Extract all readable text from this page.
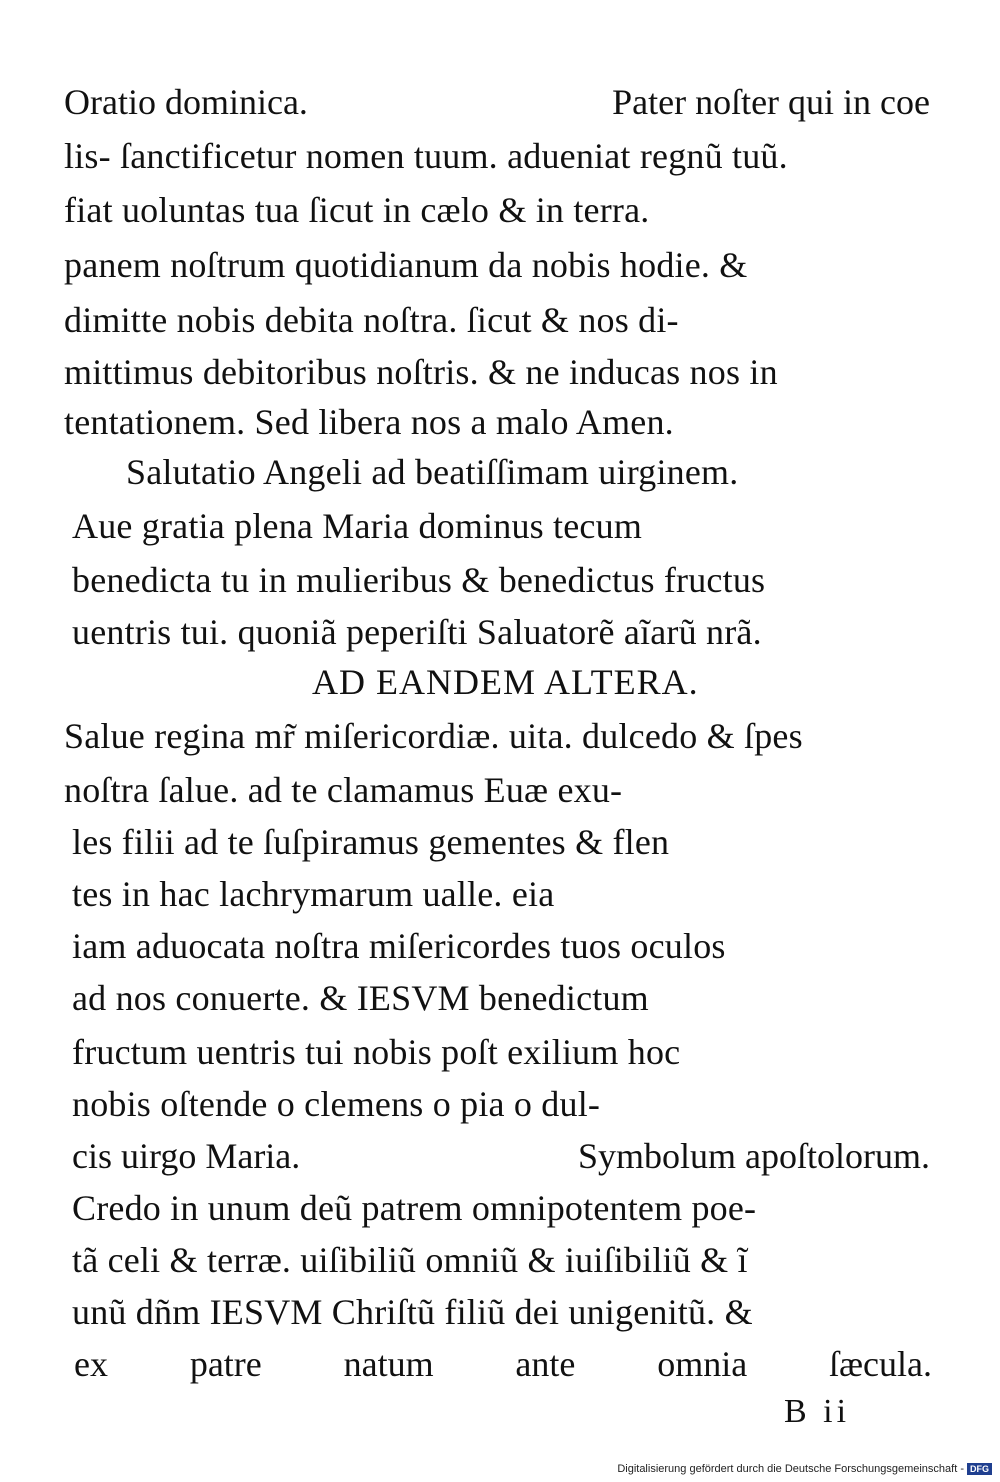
Oratio dominica.	Pater noſter qui in coe
lis- ſanctificetur nomen tuum. adueniat regnũ tuũ.
fiat uoluntas tua ſicut in cælo & in terra.
panem noſtrum quotidianum da nobis hodie. &
dimitte nobis debita noſtra. ſicut & nos di-
mittimus debitoribus noſtris. & ne inducas nos in
tentationem. Sed libera nos a malo Amen.
Salutatio Angeli ad beatiſſimam uirginem.
Aue gratia plena Maria dominus tecum
benedicta tu in mulieribus & benedictus fructus
uentris tui. quoniã peperiſti Saluatorẽ aĩarũ nrã.
AD EANDEM ALTERA.
Salue regina mr̃ miſericordiæ. uita. dulcedo & ſpes
noſtra ſalue. ad te clamamus Euæ exu-
les filii ad te ſuſpiramus gementes & flen
tes in hac lachrymarum ualle. eia
iam aduocata noſtra miſericordes tuos oculos
ad nos conuerte. & IESVM benedictum
fructum uentris tui nobis poſt exilium hoc
nobis oſtende o clemens o pia o dul-
cis uirgo Maria.	Symbolum apoſtolorum.
Credo in unum deũ patrem omnipotentem poe-
tã celi & terræ. uiſibiliũ omniũ & iuiſibiliũ & ĩ
unũ dñm IESVM Chriſtũ filiũ dei unigenitũ. &
ex patre natum ante omnia ſæcula.
B ii
Digitalisierung gefördert durch die Deutsche Forschungsgemeinschaft - DFG
